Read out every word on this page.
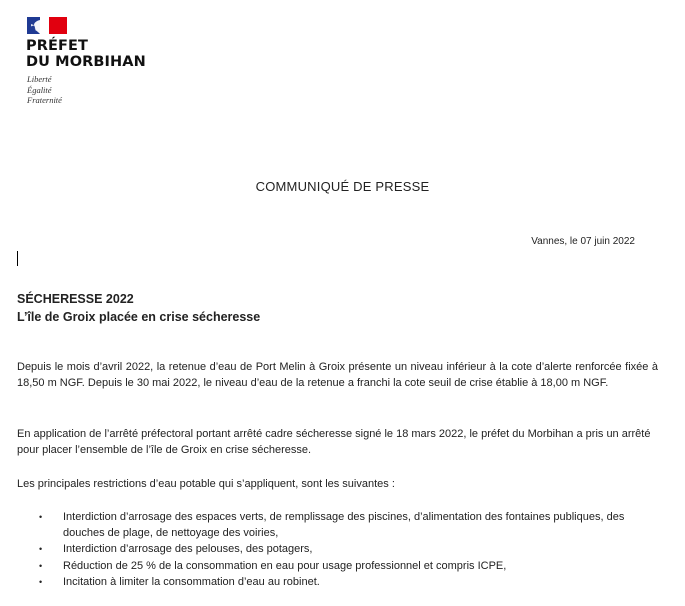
PRÉFET
DU MORBIHAN
Liberté
Égalité
Fraternité
COMMUNIQUÉ DE PRESSE
Vannes, le 07 juin 2022
SÉCHERESSE 2022
L’île de Groix placée en crise sécheresse
Depuis le mois d’avril 2022, la retenue d’eau de Port Melin à Groix présente un niveau inférieur à la cote d’alerte renforcée fixée à 18,50 m NGF. Depuis le 30 mai 2022, le niveau d’eau de la retenue a franchi la cote seuil de crise établie à 18,00 m NGF.
En application de l’arrêté préfectoral portant arrêté cadre sécheresse signé le 18 mars 2022, le préfet du Morbihan a pris un arrêté pour placer l’ensemble de l’île de Groix en crise sécheresse.
Les principales restrictions d’eau potable qui s’appliquent, sont les suivantes :
• Interdiction d’arrosage des espaces verts, de remplissage des piscines, d’alimentation des fontaines publiques, des douches de plage, de nettoyage des voiries,
• Interdiction d’arrosage des pelouses, des potagers,
• Réduction de 25 % de la consommation en eau pour usage professionnel et compris ICPE,
• Incitation à limiter la consommation d’eau au robinet.
